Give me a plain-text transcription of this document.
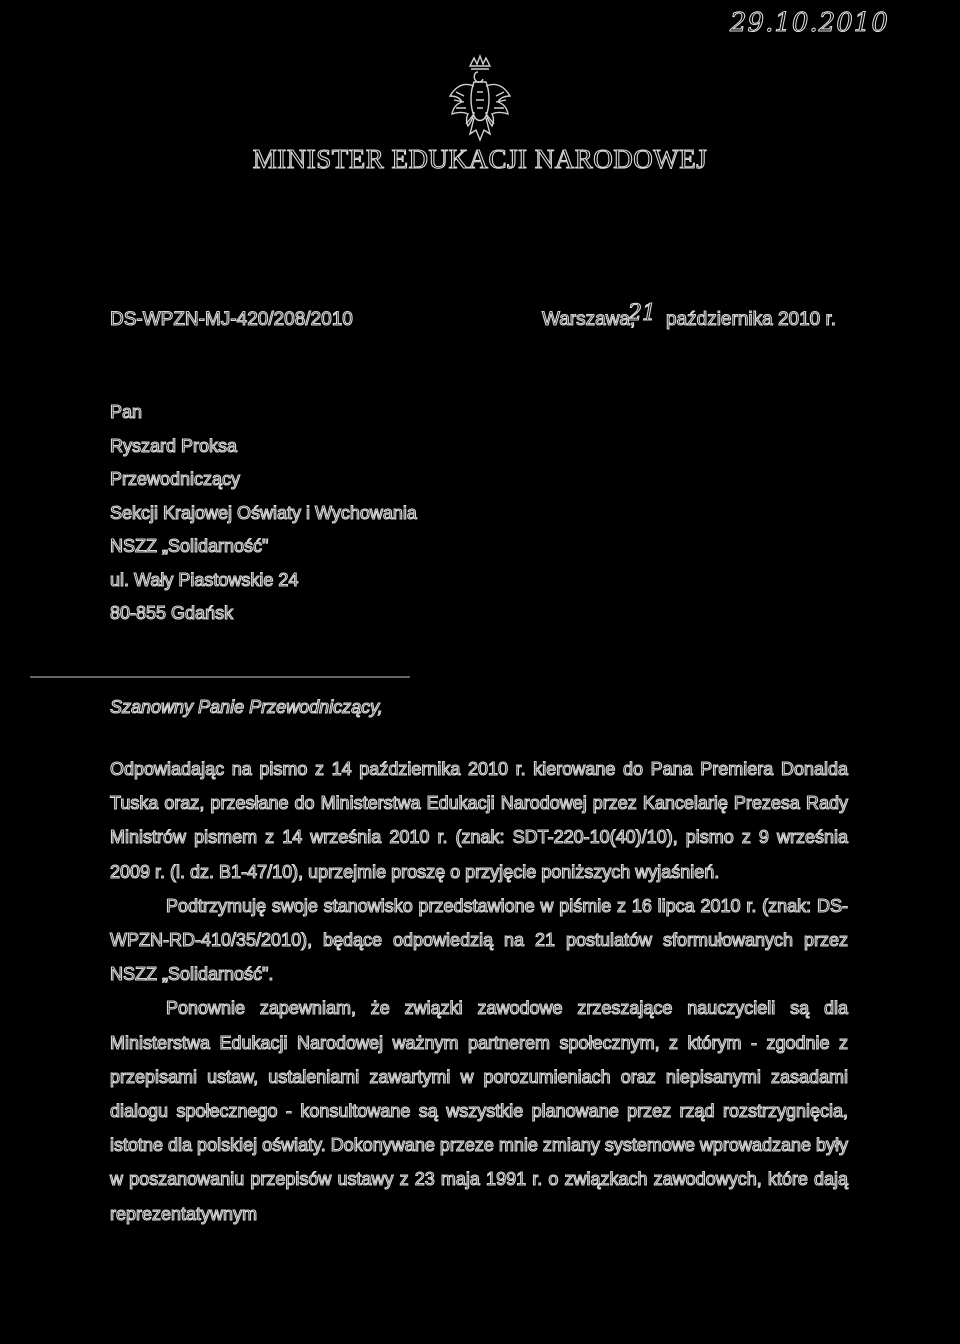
29.10.2010
MINISTER EDUKACJI NARODOWEJ
DS-WPZN-MJ-420/208/2010	Warszawa,
21 października 2010 r.
Pan
Ryszard Proksa
Przewodniczący
Sekcji Krajowej Oświaty i Wychowania
NSZZ „Solidarność"
ul. Wały Piastowskie 24
80-855 Gdańsk
Szanowny Panie Przewodniczący,

Odpowiadając na pismo z 14 października 2010 r. kierowane do Pana Premiera Donalda Tuska oraz, przesłane do Ministerstwa Edukacji Narodowej przez Kancelarię Prezesa Rady Ministrów pismem z 14 września 2010 r. (znak: SDT-220-10(40)/10), pismo z 9 września 2009 r. (l. dz. B1-47/10), uprzejmie proszę o przyjęcie poniższych wyjaśnień.

Podtrzymuję swoje stanowisko przedstawione w piśmie z 16 lipca 2010 r. (znak: DS-WPZN-RD-410/35/2010), będące odpowiedzią na 21 postulatów sformułowanych przez NSZZ „Solidarność".

Ponownie zapewniam, że związki zawodowe zrzeszające nauczycieli są dla Ministerstwa Edukacji Narodowej ważnym partnerem społecznym, z którym - zgodnie z przepisami ustaw, ustaleniami zawartymi w porozumieniach oraz niepisanymi zasadami dialogu społecznego - konsultowane są wszystkie planowane przez rząd rozstrzygnięcia, istotne dla polskiej oświaty. Dokonywane przeze mnie zmiany systemowe wprowadzane były w poszanowaniu przepisów ustawy z 23 maja 1991 r. o związkach zawodowych, które dają reprezentatywnym
